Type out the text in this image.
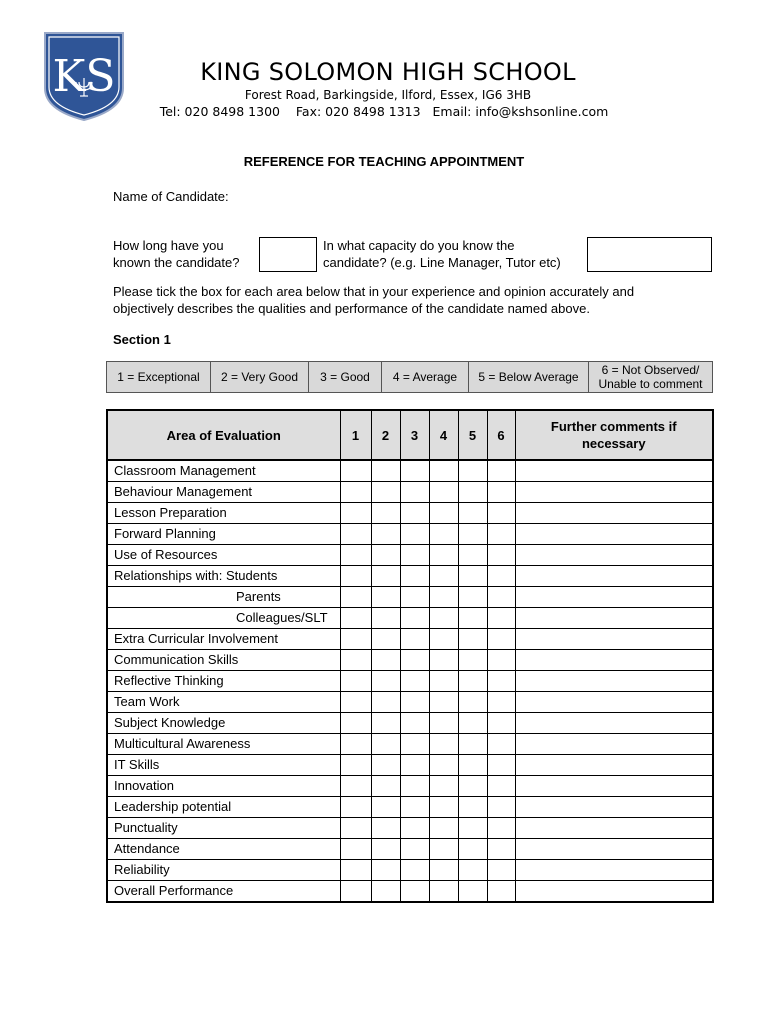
KS	KING SOLOMON HIGH SCHOOL
Forest Road, Barkingside, Ilford, Essex, IG6 3HB
Tel: 020 8498 1300    Fax: 020 8498 1313   Email: info@kshsonline.com
REFERENCE FOR TEACHING APPOINTMENT
Name of Candidate:
How long have you
known the candidate?
In what capacity do you know the
candidate? (e.g. Line Manager, Tutor etc)
Please tick the box for each area below that in your experience and opinion accurately and
objectively describes the qualities and performance of the candidate named above.
Section 1
1 = Exceptional	2 = Very Good	3 = Good	4 = Average	5 = Below Average	6 = Not Observed/
Unable to comment
Area of Evaluation	1	2	3	4	5	6	Further comments if
necessary

Classroom Management							
Behaviour Management							
Lesson Preparation							
Forward Planning							
Use of Resources							
Relationships with: Students							
Parents							
Colleagues/SLT							
Extra Curricular Involvement							
Communication Skills							
Reflective Thinking							
Team Work							
Subject Knowledge							
Multicultural Awareness							
IT Skills							
Innovation							
Leadership potential							
Punctuality							
Attendance							
Reliability							
Overall Performance							
